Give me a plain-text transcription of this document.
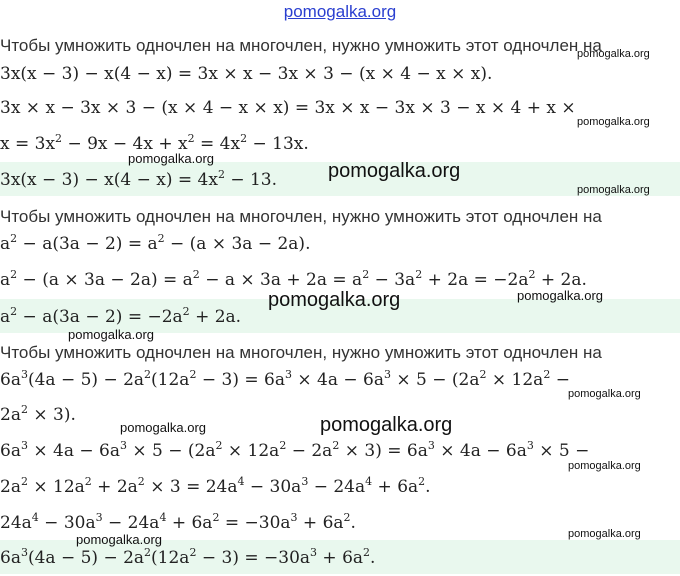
pomogalka.org
Чтобы умножить одночлен на многочлен, нужно умножить этот одночлен на
3x(x − 3) − x(4 − x) = 3x × x − 3x × 3 − (x × 4 − x × x).
3x × x − 3x × 3 − (x × 4 − x × x) = 3x × x − 3x × 3 − x × 4 + x ×
$x = 3x^2 - 9x - 4x + x^2 = 4x^2 - 13x$.
$3x(x - 3) - x(4 - x) = 4x^2 - 13$.
Чтобы умножить одночлен на многочлен, нужно умножить этот одночлен на
$a^2 - a(3a - 2) = a^2 - (a \times 3a - 2a)$.
$a^2 - (a \times 3a - 2a) = a^2 - a \times 3a + 2a = a^2 - 3a^2 + 2a = -2a^2 + 2a$.
$a^2 - a(3a - 2) = -2a^2 + 2a$.
Чтобы умножить одночлен на многочлен, нужно умножить этот одночлен на
$6a^3(4a - 5) - 2a^2(12a^2 - 3) = 6a^3 \times 4a - 6a^3 \times 5 - (2a^2 \times 12a^2$ −
$2a^2 \times 3$).
$6a^3 \times 4a - 6a^3 \times 5 - (2a^2 \times 12a^2 - 2a^2 \times 3) = 6a^3 \times 4a - 6a^3 \times 5$ −
$2a^2 \times 12a^2 + 2a^2 \times 3 = 24a^4 - 30a^3 - 24a^4 + 6a^2$.
$24a^4 - 30a^3 - 24a^4 + 6a^2 = -30a^3 + 6a^2$.
$6a^3(4a - 5) - 2a^2(12a^2 - 3) = -30a^3 + 6a^2$.
pomogalka.org
pomogalka.org
pomogalka.org
pomogalka.org
pomogalka.org
pomogalka.org
pomogalka.org
pomogalka.org
pomogalka.org
pomogalka.org	pomogalka.org
pomogalka.org
pomogalka.org
pomogalka.org
